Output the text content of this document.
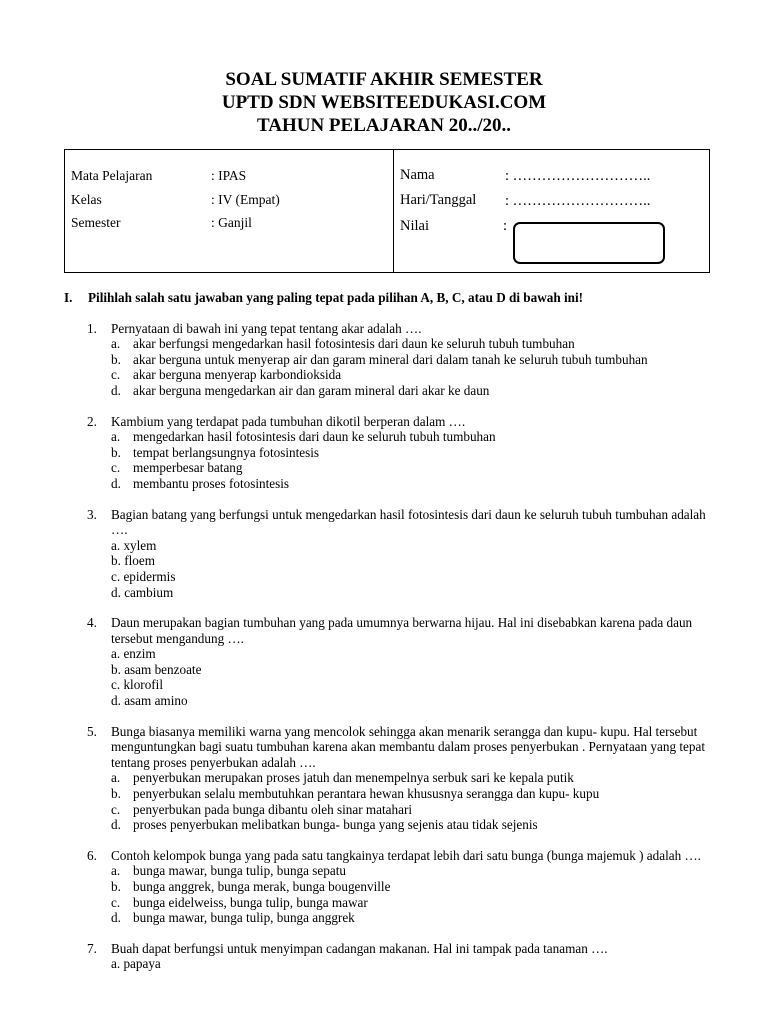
SOAL SUMATIF AKHIR SEMESTER
UPTD SDN WEBSITEEDUKASI.COM
TAHUN PELAJARAN 20../20..
Mata Pelajaran	: IPAS
Kelas	: IV (Empat)
Semester	: Ganjil
Nama	: ………………………..
Hari/Tanggal : ………………………..
Nilai	:
I. Pilihlah salah satu jawaban yang paling tepat pada pilihan A, B, C, atau D di bawah ini!
1. Pernyataan di bawah ini yang tepat tentang akar adalah ….
a. akar berfungsi mengedarkan hasil fotosintesis dari daun ke seluruh tubuh tumbuhan
b. akar berguna untuk menyerap air dan garam mineral dari dalam tanah ke seluruh tubuh tumbuhan
c. akar berguna menyerap karbondioksida
d. akar berguna mengedarkan air dan garam mineral dari akar ke daun
2. Kambium yang terdapat pada tumbuhan dikotil berperan dalam ….
a. mengedarkan hasil fotosintesis dari daun ke seluruh tubuh tumbuhan
b. tempat berlangsungnya fotosintesis
c. memperbesar batang
d. membantu proses fotosintesis
3. Bagian batang yang berfungsi untuk mengedarkan hasil fotosintesis dari daun ke seluruh tubuh tumbuhan adalah ….
a. xylem
b. floem
c. epidermis
d. cambium
4. Daun merupakan bagian tumbuhan yang pada umumnya berwarna hijau. Hal ini disebabkan karena pada daun tersebut mengandung ….
a. enzim
b. asam benzoate
c. klorofil
d. asam amino
5. Bunga biasanya memiliki warna yang mencolok sehingga akan menarik serangga dan kupu- kupu. Hal tersebut menguntungkan bagi suatu tumbuhan karena akan membantu dalam proses penyerbukan . Pernyataan yang tepat tentang proses penyerbukan adalah ….
a. penyerbukan merupakan proses jatuh dan menempelnya serbuk sari ke kepala putik
b. penyerbukan selalu membutuhkan perantara hewan khususnya serangga dan kupu- kupu
c. penyerbukan pada bunga dibantu oleh sinar matahari
d. proses penyerbukan melibatkan bunga- bunga yang sejenis atau tidak sejenis
6. Contoh kelompok bunga yang pada satu tangkainya terdapat lebih dari satu bunga (bunga majemuk ) adalah ….
a. bunga mawar, bunga tulip, bunga sepatu
b. bunga anggrek, bunga merak, bunga bougenville
c. bunga eidelweiss, bunga tulip, bunga mawar
d. bunga mawar, bunga tulip, bunga anggrek
7. Buah dapat berfungsi untuk menyimpan cadangan makanan. Hal ini tampak pada tanaman ….
a. papaya
